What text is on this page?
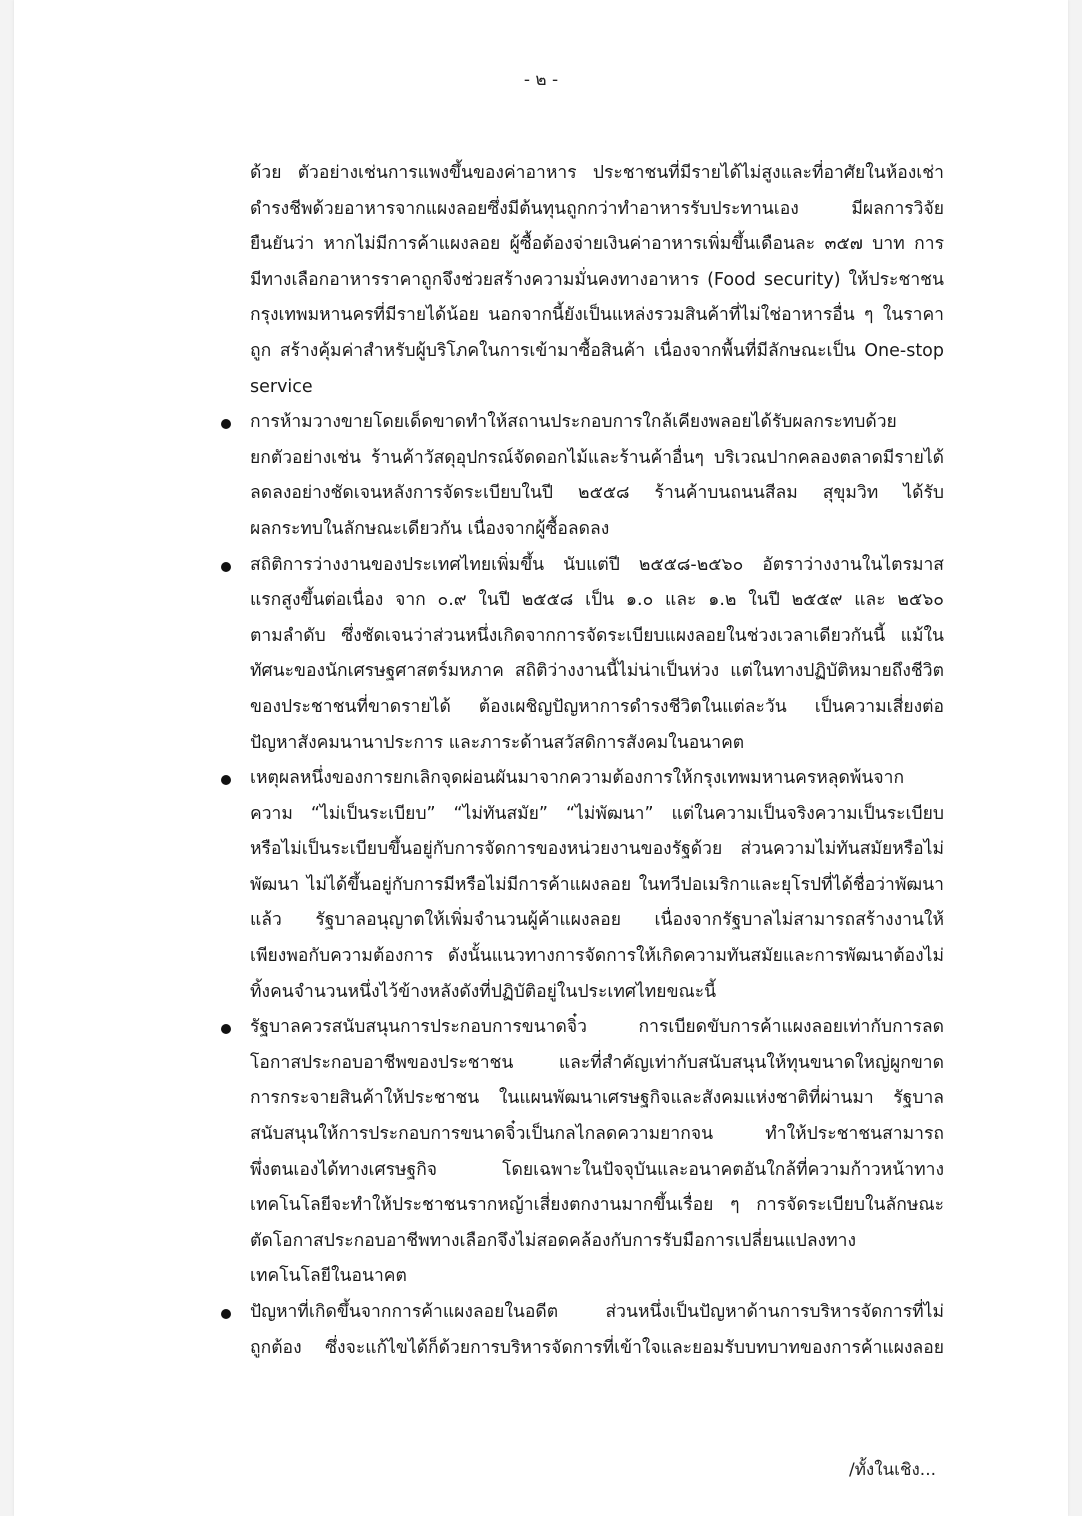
- ๒ -

ด้วย ตัวอย่างเช่นการแพงขึ้นของค่าอาหาร ประชาชนที่มีรายได้ไม่สูงและที่อาศัยในห้องเช่า
ดำรงชีพด้วยอาหารจากแผงลอยซึ่งมีต้นทุนถูกกว่าทำอาหารรับประทานเอง มีผลการวิจัย
ยืนยันว่า หากไม่มีการค้าแผงลอย ผู้ซื้อต้องจ่ายเงินค่าอาหารเพิ่มขึ้นเดือนละ ๓๕๗ บาท การ
มีทางเลือกอาหารราคาถูกจึงช่วยสร้างความมั่นคงทางอาหาร (Food security) ให้ประชาชน
กรุงเทพมหานครที่มีรายได้น้อย นอกจากนี้ยังเป็นแหล่งรวมสินค้าที่ไม่ใช่อาหารอื่น ๆ ในราคา
ถูก สร้างคุ้มค่าสำหรับผู้บริโภคในการเข้ามาซื้อสินค้า เนื่องจากพื้นที่มีลักษณะเป็น One-stop
service

การห้ามวางขายโดยเด็ดขาดทำให้สถานประกอบการใกล้เคียงพลอยได้รับผลกระทบด้วย
ยกตัวอย่างเช่น ร้านค้าวัสดุอุปกรณ์จัดดอกไม้และร้านค้าอื่นๆ บริเวณปากคลองตลาดมีรายได้
ลดลงอย่างชัดเจนหลังการจัดระเบียบในปี ๒๕๕๘ ร้านค้าบนถนนสีลม สุขุมวิท ได้รับ
ผลกระทบในลักษณะเดียวกัน เนื่องจากผู้ซื้อลดลง
สถิติการว่างงานของประเทศไทยเพิ่มขึ้น นับแต่ปี ๒๕๕๘-๒๕๖๐ อัตราว่างงานในไตรมาส
แรกสูงขึ้นต่อเนื่อง จาก ๐.๙ ในปี ๒๕๕๘ เป็น ๑.๐ และ ๑.๒ ในปี ๒๕๕๙ และ ๒๕๖๐
ตามลำดับ ซึ่งชัดเจนว่าส่วนหนึ่งเกิดจากการจัดระเบียบแผงลอยในช่วงเวลาเดียวกันนี้ แม้ใน
ทัศนะของนักเศรษฐศาสตร์มหภาค สถิติว่างงานนี้ไม่น่าเป็นห่วง แต่ในทางปฏิบัติหมายถึงชีวิต
ของประชาชนที่ขาดรายได้ ต้องเผชิญปัญหาการดำรงชีวิตในแต่ละวัน เป็นความเสี่ยงต่อ
ปัญหาสังคมนานาประการ และภาระด้านสวัสดิการสังคมในอนาคต
เหตุผลหนึ่งของการยกเลิกจุดผ่อนผันมาจากความต้องการให้กรุงเทพมหานครหลุดพ้นจาก
ความ “ไม่เป็นระเบียบ” “ไม่ทันสมัย” “ไม่พัฒนา” แต่ในความเป็นจริงความเป็นระเบียบ
หรือไม่เป็นระเบียบขึ้นอยู่กับการจัดการของหน่วยงานของรัฐด้วย ส่วนความไม่ทันสมัยหรือไม่
พัฒนา ไม่ได้ขึ้นอยู่กับการมีหรือไม่มีการค้าแผงลอย ในทวีปอเมริกาและยุโรปที่ได้ชื่อว่าพัฒนา
แล้ว รัฐบาลอนุญาตให้เพิ่มจำนวนผู้ค้าแผงลอย เนื่องจากรัฐบาลไม่สามารถสร้างงานให้
เพียงพอกับความต้องการ ดังนั้นแนวทางการจัดการให้เกิดความทันสมัยและการพัฒนาต้องไม่
ทิ้งคนจำนวนหนึ่งไว้ข้างหลังดังที่ปฏิบัติอยู่ในประเทศไทยขณะนี้
รัฐบาลควรสนับสนุนการประกอบการขนาดจิ๋ว การเบียดขับการค้าแผงลอยเท่ากับการลด
โอกาสประกอบอาชีพของประชาชน และที่สำคัญเท่ากับสนับสนุนให้ทุนขนาดใหญ่ผูกขาด
การกระจายสินค้าให้ประชาชน ในแผนพัฒนาเศรษฐกิจและสังคมแห่งชาติที่ผ่านมา รัฐบาล
สนับสนุนให้การประกอบการขนาดจิ๋วเป็นกลไกลดความยากจน ทำให้ประชาชนสามารถ
พึ่งตนเองได้ทางเศรษฐกิจ โดยเฉพาะในปัจจุบันและอนาคตอันใกล้ที่ความก้าวหน้าทาง
เทคโนโลยีจะทำให้ประชาชนรากหญ้าเสี่ยงตกงานมากขึ้นเรื่อย ๆ การจัดระเบียบในลักษณะ
ตัดโอกาสประกอบอาชีพทางเลือกจึงไม่สอดคล้องกับการรับมือการเปลี่ยนแปลงทาง
เทคโนโลยีในอนาคต
ปัญหาที่เกิดขึ้นจากการค้าแผงลอยในอดีต ส่วนหนึ่งเป็นปัญหาด้านการบริหารจัดการที่ไม่
ถูกต้อง ซึ่งจะแก้ไขได้ก็ด้วยการบริหารจัดการที่เข้าใจและยอมรับบทบาทของการค้าแผงลอย
/ทั้งในเชิง...
